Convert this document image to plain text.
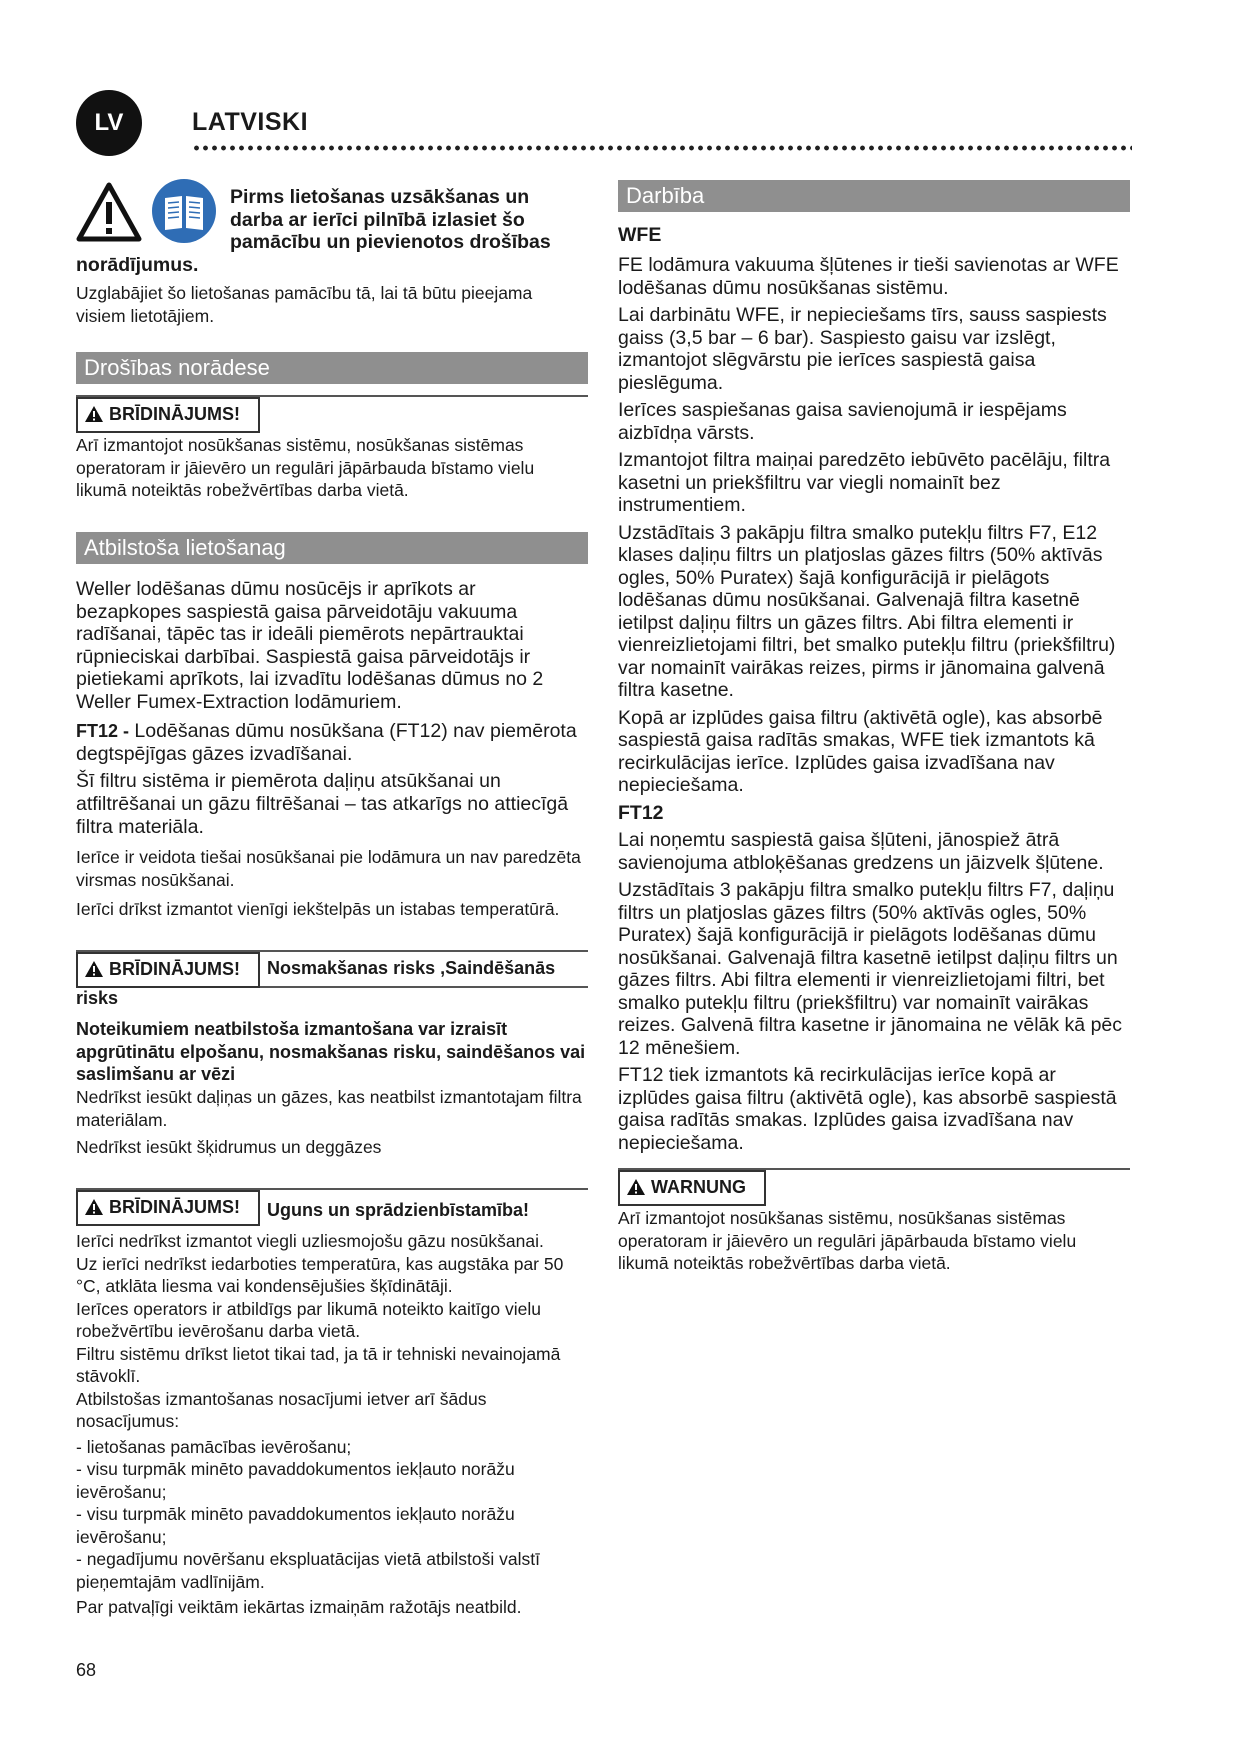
LV	LATVISKI

Pirms lietošanas uzsākšanas un

darba ar ierīci pilnībā izlasiet šo

pamācību un pievienotos drošības

norādījumus.
Uzglabājiet šo lietošanas pamācību tā, lai tā būtu pieejama visiem lietotājiem.
Drošības norādese
BRĪDINĀJUMS!
Arī izmantojot nosūkšanas sistēmu, nosūkšanas sistēmas operatoram ir jāievēro un regulāri jāpārbauda bīstamo vielu likumā noteiktās robežvērtības darba vietā.
Atbilstoša lietošanag
Weller lodēšanas dūmu nosūcējs ir aprīkots ar bezapkopes saspiestā gaisa pārveidotāju vakuuma radīšanai, tāpēc tas ir ideāli piemērots nepārtrauktai rūpnieciskai darbībai. Saspiestā gaisa pārveidotājs ir pietiekami aprīkots, lai izvadītu lodēšanas dūmus no 2 Weller Fumex-Extraction lodāmuriem.
FT12 - Lodēšanas dūmu nosūkšana (FT12) nav piemērota degtspējīgas gāzes izvadīšanai.
Šī filtru sistēma ir piemērota daļiņu atsūkšanai un atfiltrēšanai un gāzu filtrēšanai – tas atkarīgs no attiecīgā filtra materiāla.
Ierīce ir veidota tiešai nosūkšanai pie lodāmura un nav paredzēta virsmas nosūkšanai.
Ierīci drīkst izmantot vienīgi iekštelpās un istabas temperatūrā.
BRĪDINĀJUMS!	Nosmakšanas risks ,Saindēšanās
risks
Noteikumiem neatbilstoša izmantošana var izraisīt apgrūtinātu elpošanu, nosmakšanas risku, saindēšanos vai saslimšanu ar vēzi
Nedrīkst iesūkt daļiņas un gāzes, kas neatbilst izmantotajam filtra materiālam.
Nedrīkst iesūkt šķidrumus un deggāzes
BRĪDINĀJUMS!	Uguns un sprādzienbīstamība!

Ierīci nedrīkst izmantot viegli uzliesmojošu gāzu nosūkšanai.

Uz ierīci nedrīkst iedarboties temperatūra, kas augstāka par 50 °C, atklāta liesma vai kondensējušies šķīdinātāji.

Ierīces operators ir atbildīgs par likumā noteikto kaitīgo vielu robežvērtību ievērošanu darba vietā.

Filtru sistēmu drīkst lietot tikai tad, ja tā ir tehniski nevainojamā stāvoklī.

Atbilstošas izmantošanas nosacījumi ietver arī šādus nosacījumus:

- lietošanas pamācības ievērošanu;

- visu turpmāk minēto pavaddokumentos iekļauto norāžu ievērošanu;

- visu turpmāk minēto pavaddokumentos iekļauto norāžu ievērošanu;

- negadījumu novēršanu ekspluatācijas vietā atbilstoši valstī pieņemtajām vadlīnijām.

Par patvaļīgi veiktām iekārtas izmaiņām ražotājs neatbild.

Darbība
WFE

FE lodāmura vakuuma šļūtenes ir tieši savienotas ar WFE lodēšanas dūmu nosūkšanas sistēmu.

Lai darbinātu WFE, ir nepieciešams tīrs, sauss saspiests gaiss (3,5 bar – 6 bar). Saspiesto gaisu var izslēgt, izmantojot slēgvārstu pie ierīces saspiestā gaisa pieslēguma.

Ierīces saspiešanas gaisa savienojumā ir iespējams aizbīdņa vārsts.

Izmantojot filtra maiņai paredzēto iebūvēto pacēlāju, filtra kasetni un priekšfiltru var viegli nomainīt bez instrumentiem.

Uzstādītais 3 pakāpju filtra smalko putekļu filtrs F7, E12 klases daļiņu filtrs un platjoslas gāzes filtrs (50% aktīvās ogles, 50% Puratex) šajā konfigurācijā ir pielāgots lodēšanas dūmu nosūkšanai. Galvenajā filtra kasetnē ietilpst daļiņu filtrs un gāzes filtrs. Abi filtra elementi ir vienreizlietojami filtri, bet smalko putekļu filtru (priekšfiltru) var nomainīt vairākas reizes, pirms ir jānomaina galvenā filtra kasetne.

Kopā ar izplūdes gaisa filtru (aktivētā ogle), kas absorbē saspiestā gaisa radītās smakas, WFE tiek izmantots kā recirkulācijas ierīce. Izplūdes gaisa izvadīšana nav nepieciešama.

FT12

Lai noņemtu saspiestā gaisa šļūteni, jānospiež ātrā savienojuma atbloķēšanas gredzens un jāizvelk šļūtene.

Uzstādītais 3 pakāpju filtra smalko putekļu filtrs F7, daļiņu filtrs un platjoslas gāzes filtrs (50% aktīvās ogles, 50% Puratex) šajā konfigurācijā ir pielāgots lodēšanas dūmu nosūkšanai. Galvenajā filtra kasetnē ietilpst daļiņu filtrs un gāzes filtrs. Abi filtra elementi ir vienreizlietojami filtri, bet smalko putekļu filtru (priekšfiltru) var nomainīt vairākas reizes. Galvenā filtra kasetne ir jānomaina ne vēlāk kā pēc 12 mēnešiem.

FT12 tiek izmantots kā recirkulācijas ierīce kopā ar izplūdes gaisa filtru (aktivētā ogle), kas absorbē saspiestā gaisa radītās smakas. Izplūdes gaisa izvadīšana nav nepieciešama.

WARNUNG
Arī izmantojot nosūkšanas sistēmu, nosūkšanas sistēmas operatoram ir jāievēro un regulāri jāpārbauda bīstamo vielu likumā noteiktās robežvērtības darba vietā.
68
